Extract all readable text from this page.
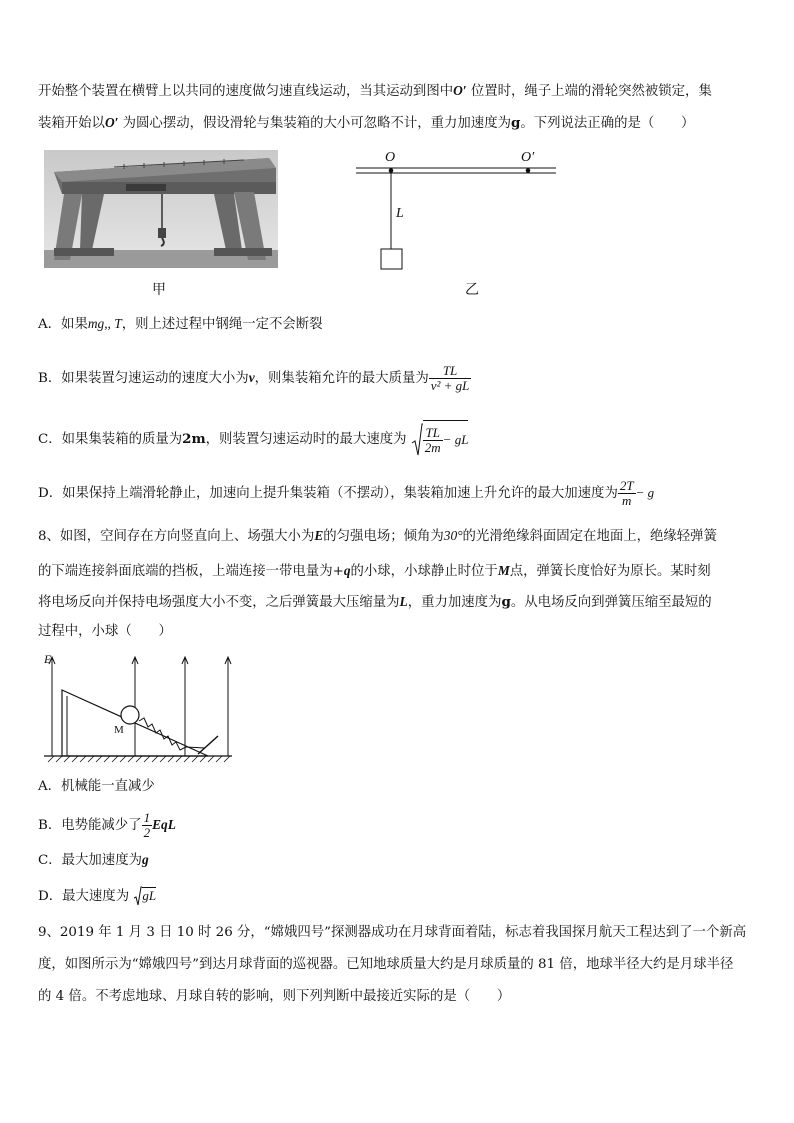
开始整个装置在横臂上以共同的速度做匀速直线运动，当其运动到图中O′ 位置时，绳子上端的滑轮突然被锁定，集
装箱开始以O′ 为圆心摆动，假设滑轮与集装箱的大小可忽略不计，重力加速度为g。下列说法正确的是（　　）
甲
O	O′
L
乙
A．如果mg,, T，则上述过程中钢绳一定不会断裂
B．如果装置匀速运动的速度大小为v，则集装箱允许的最大质量为 $\frac{TL}{\text{v² + gL}}$
C．如果集装箱的质量为2m，则装置匀速运动时的最大速度为 $\frac{TL}{2m}$ − gL
D．如果保持上端滑轮静止，加速向上提升集装箱（不摆动），集装箱加速上升允许的最大加速度为 $\frac{2T}{m} - g$
8、如图，空间存在方向竖直向上、场强大小为E的匀强电场；倾角为30°的光滑绝缘斜面固定在地面上，绝缘轻弹簧
的下端连接斜面底端的挡板，上端连接一带电量为+q的小球，小球静止时位于M点，弹簧长度恰好为原长。某时刻
将电场反向并保持电场强度大小不变，之后弹簧最大压缩量为L，重力加速度为g。从电场反向到弹簧压缩至最短的
过程中，小球（　　）
E
M
A．机械能一直减少
B．电势能减少了 $\frac{1}{2}$ EqL
C．最大加速度为g
D．最大速度为 gL
9、2019 年 1 月 3 日 10 时 26 分，“嫦娥四号”探测器成功在月球背面着陆，标志着我国探月航天工程达到了一个新高
度，如图所示为“嫦娥四号”到达月球背面的巡视器。已知地球质量大约是月球质量的 81 倍，地球半径大约是月球半径
的 4 倍。不考虑地球、月球自转的影响，则下列判断中最接近实际的是（　　）
